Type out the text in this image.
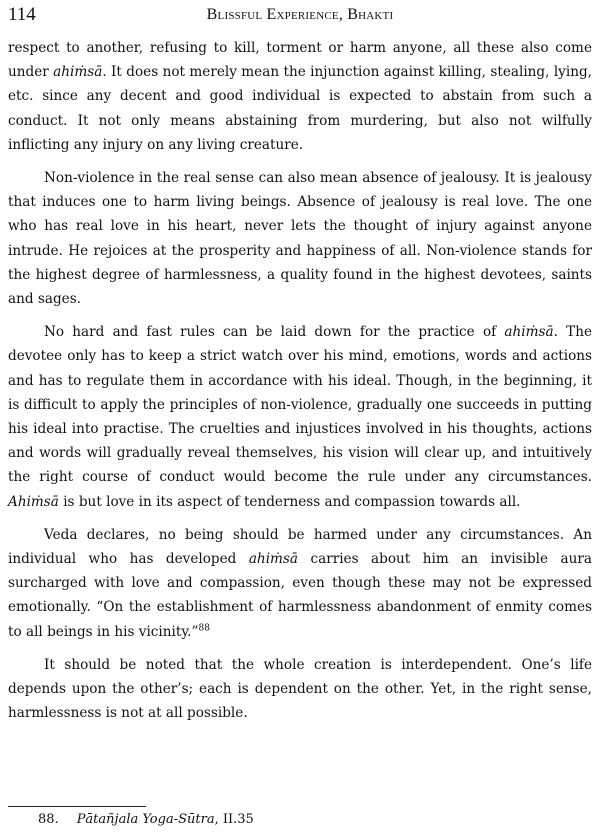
114	Blissful Experience, Bhakti

respect to another, refusing to kill, torment or harm anyone, all these also come under ahiṁsā. It does not merely mean the injunction against killing, stealing, lying, etc. since any decent and good individual is expected to abstain from such a conduct. It not only means abstaining from murdering, but also not wilfully inflicting any injury on any living creature.

Non-violence in the real sense can also mean absence of jealousy. It is jealousy that induces one to harm living beings. Absence of jealousy is real love. The one who has real love in his heart, never lets the thought of injury against anyone intrude. He rejoices at the prosperity and happiness of all. Non-violence stands for the highest degree of harmlessness, a quality found in the highest devotees, saints and sages.

No hard and fast rules can be laid down for the practice of ahiṁsā. The devotee only has to keep a strict watch over his mind, emotions, words and actions and has to regulate them in accordance with his ideal. Though, in the beginning, it is difficult to apply the principles of non-violence, gradually one succeeds in putting his ideal into practise. The cruelties and injustices involved in his thoughts, actions and words will gradually reveal themselves, his vision will clear up, and intuitively the right course of conduct would become the rule under any circumstances. Ahiṁsā is but love in its aspect of tenderness and compassion towards all.

Veda declares, no being should be harmed under any circumstances. An individual who has developed ahiṁsā carries about him an invisible aura surcharged with love and compassion, even though these may not be expressed emotionally. “On the establishment of harmlessness abandonment of enmity comes to all beings in his vicinity.”$^{88}$

It should be noted that the whole creation is interdependent. One’s life depends upon the other’s; each is dependent on the other. Yet, in the right sense, harmlessness is not at all possible.

88. Pātañjala Yoga-Sūtra, II.35
